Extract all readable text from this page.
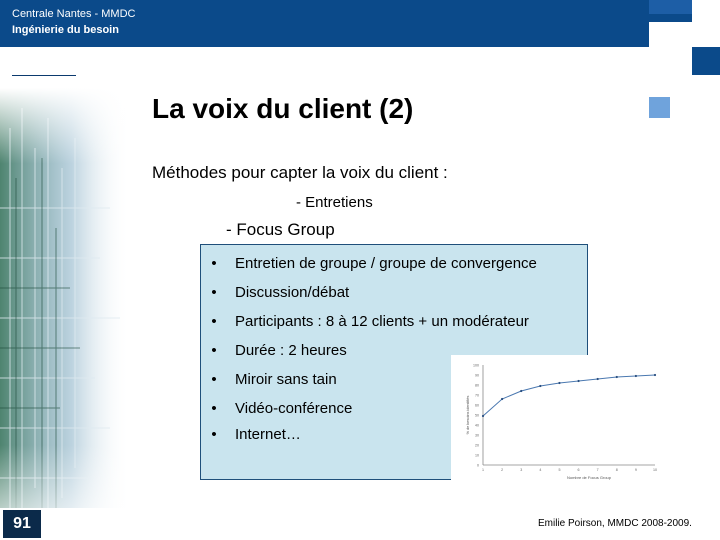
Centrale Nantes - MMDC
Ingénierie du besoin
La voix du client (2)
Méthodes pour capter la voix du client :
- Entretiens
- Focus Group
• Entretien de groupe / groupe de convergence
• Discussion/débat
• Participants : 8 à 12 clients + un modérateur
• Durée : 2 heures
• Miroir sans tain
• Vidéo-conférence
• Internet…
0
10
20
30
40
50
60
70
80
90
100
1	2	3	4	5	6	7	8	9	10
% de besoins identifiés
Nombre de Focus Group
91	Emilie Poirson, MMDC 2008-2009.
